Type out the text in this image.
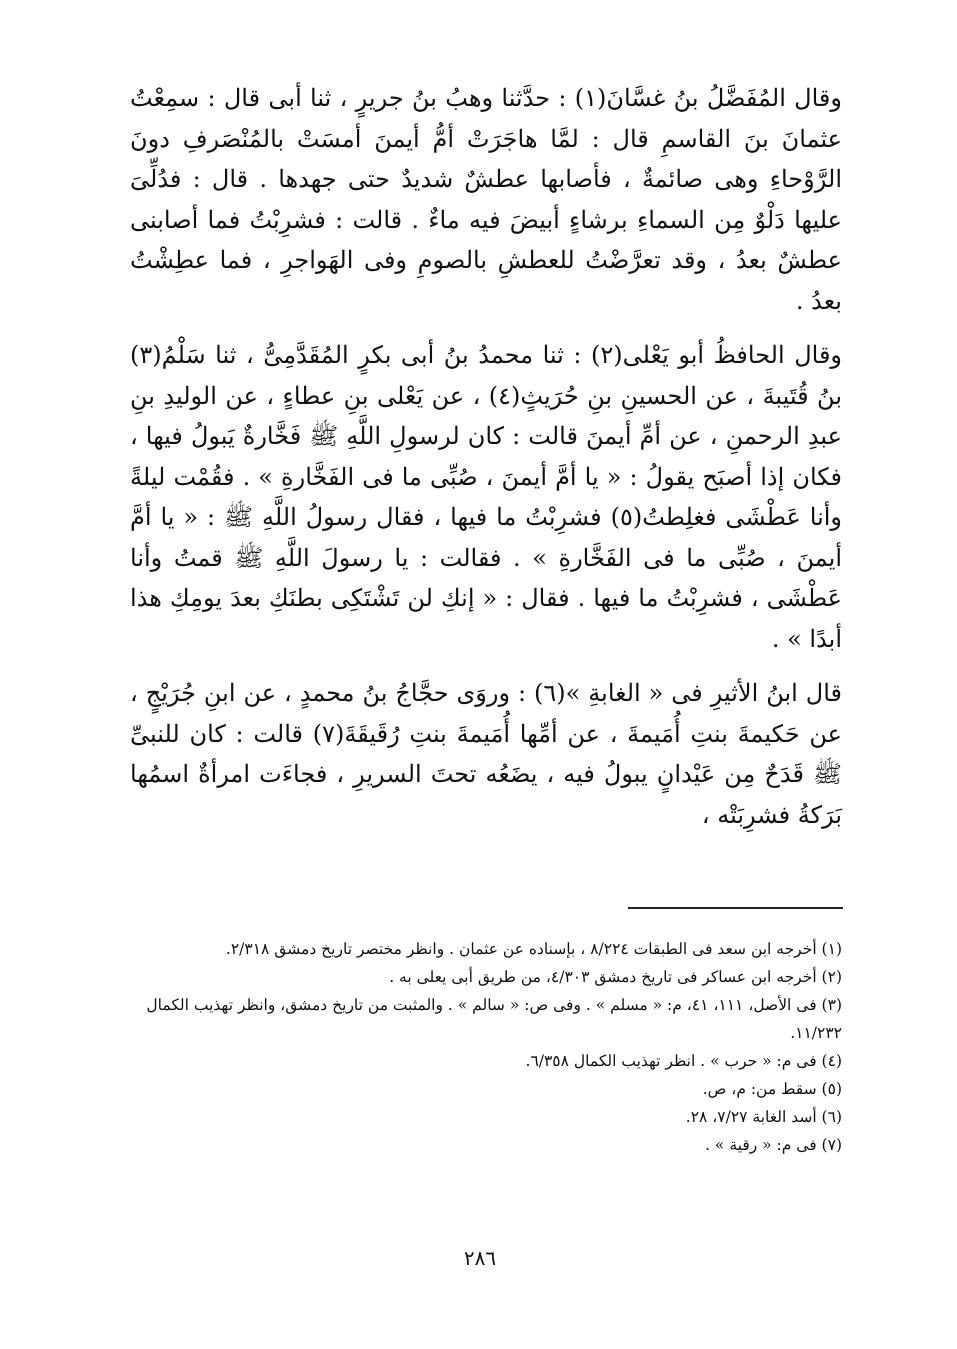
وقال المُفَضَّلُ بنُ غسَّانَ(١) : حدَّثنا وهبُ بنُ جريرٍ ، ثنا أبى قال : سمِعْتُ عثمانَ بنَ القاسمِ قال : لمَّا هاجَرَتْ أمُّ أيمنَ أمسَتْ بالمُنْصَرفِ دونَ الرَّوْحاءِ وهى صائمةٌ ، فأصابها عطشٌ شديدٌ حتى جهدها . قال : فدُلِّىَ عليها دَلْوٌ مِن السماءِ برشاءٍ أبيضَ فيه ماءٌ . قالت : فشرِبْتُ فما أصابنى عطشٌ بعدُ ، وقد تعرَّضْتُ للعطشِ بالصومِ وفى الهَواجرِ ، فما عطِشْتُ بعدُ .

وقال الحافظُ أبو يَعْلى(٢) : ثنا محمدُ بنُ أبى بكرٍ المُقَدَّمِىُّ ، ثنا سَلْمُ(٣) بنُ قُتَيبةَ ، عن الحسينِ بنِ حُرَيثٍ(٤) ، عن يَعْلى بنِ عطاءٍ ، عن الوليدِ بنِ عبدِ الرحمنِ ، عن أمِّ أيمنَ قالت : كان لرسولِ اللَّهِ ﷺ فَخَّارةٌ يَبولُ فيها ، فكان إذا أصبَح يقولُ : « يا أمَّ أيمنَ ، صُبِّى ما فى الفَخَّارةِ » . فقُمْت ليلةً وأنا عَطْشَى فغلِطتُ(٥) فشرِبْتُ ما فيها ، فقال رسولُ اللَّهِ ﷺ : « يا أمَّ أيمنَ ، صُبِّى ما فى الفَخَّارةِ » . فقالت : يا رسولَ اللَّهِ ﷺ قمتُ وأنا عَطْشَى ، فشرِبْتُ ما فيها . فقال : « إنكِ لن تَشْتَكِى بطنَكِ بعدَ يومِكِ هذا أبدًا » .

قال ابنُ الأثيرِ فى « الغابةِ »(٦) : وروَى حجَّاجُ بنُ محمدٍ ، عن ابنِ جُرَيْجٍ ، عن حَكيمةَ بنتِ أُمَيمةَ ، عن أمِّها أُمَيمةَ بنتِ رُقَيقَةَ(٧) قالت : كان للنبىِّ ﷺ قَدَحٌ مِن عَيْدانٍ يبولُ فيه ، يضَعُه تحتَ السريرِ ، فجاءَت امرأةٌ اسمُها بَرَكةُ فشرِبَتْه ،

(١) أخرجه ابن سعد فى الطبقات ٨/٢٢٤ ، بإسناده عن عثمان . وانظر مختصر تاريخ دمشق ٢/٣١٨.

(٢) أخرجه ابن عساكر فى تاريخ دمشق ٤/٣٠٣، من طريق أبى يعلى به .

(٣) فى الأصل، ١١١، ٤١، م: « مسلم » . وفى ص: « سالم » . والمثبت من تاريخ دمشق، وانظر تهذيب الكمال ١١/٢٣٢.

(٤) فى م: « حرب » . انظر تهذيب الكمال ٦/٣٥٨.

(٥) سقط من: م، ص.

(٦) أسد الغابة ٧/٢٧، ٢٨.

(٧) فى م: « رقية » .

٢٨٦
